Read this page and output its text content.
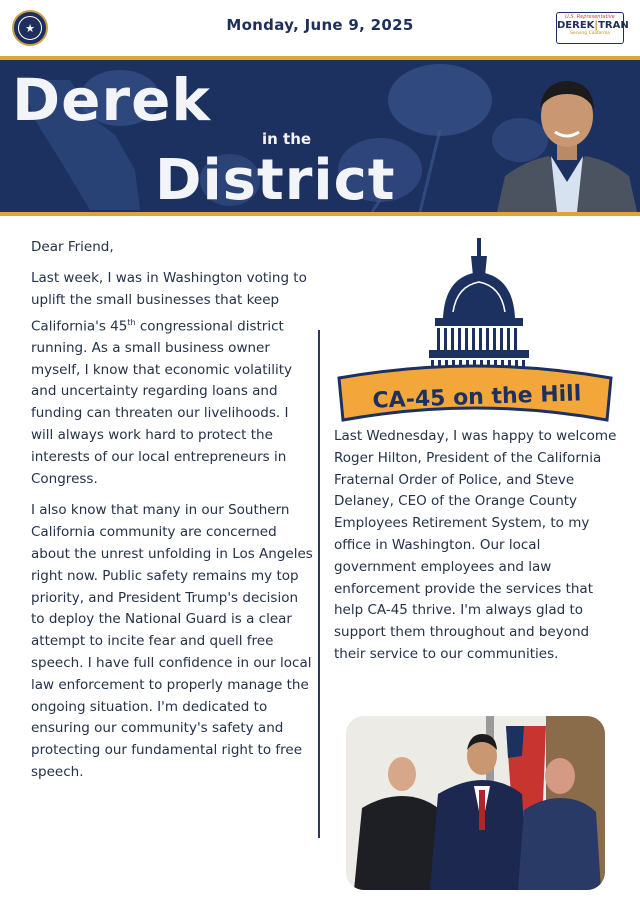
★	Monday, June 9, 2025	U.S. Representative
DEREK|TRAN
Serving California
Derek
in the
District

Dear Friend,

Last week, I was in Washington voting to uplift the small businesses that keep California's 45th congressional district running. As a small business owner myself, I know that economic volatility and uncertainty regarding loans and funding can threaten our livelihoods. I will always work hard to protect the interests of our local entrepreneurs in Congress.

I also know that many in our Southern California community are concerned about the unrest unfolding in Los Angeles right now. Public safety remains my top priority, and President Trump's decision to deploy the National Guard is a clear attempt to incite fear and quell free speech. I have full confidence in our local law enforcement to properly manage the ongoing situation. I'm dedicated to ensuring our community's safety and protecting our fundamental right to free speech.

CA-45 on the Hill

Last Wednesday, I was happy to welcome Roger Hilton, President of the California Fraternal Order of Police, and Steve Delaney, CEO of the Orange County Employees Retirement System, to my office in Washington. Our local government employees and law enforcement provide the services that help CA-45 thrive. I'm always glad to support them throughout and beyond their service to our communities.
